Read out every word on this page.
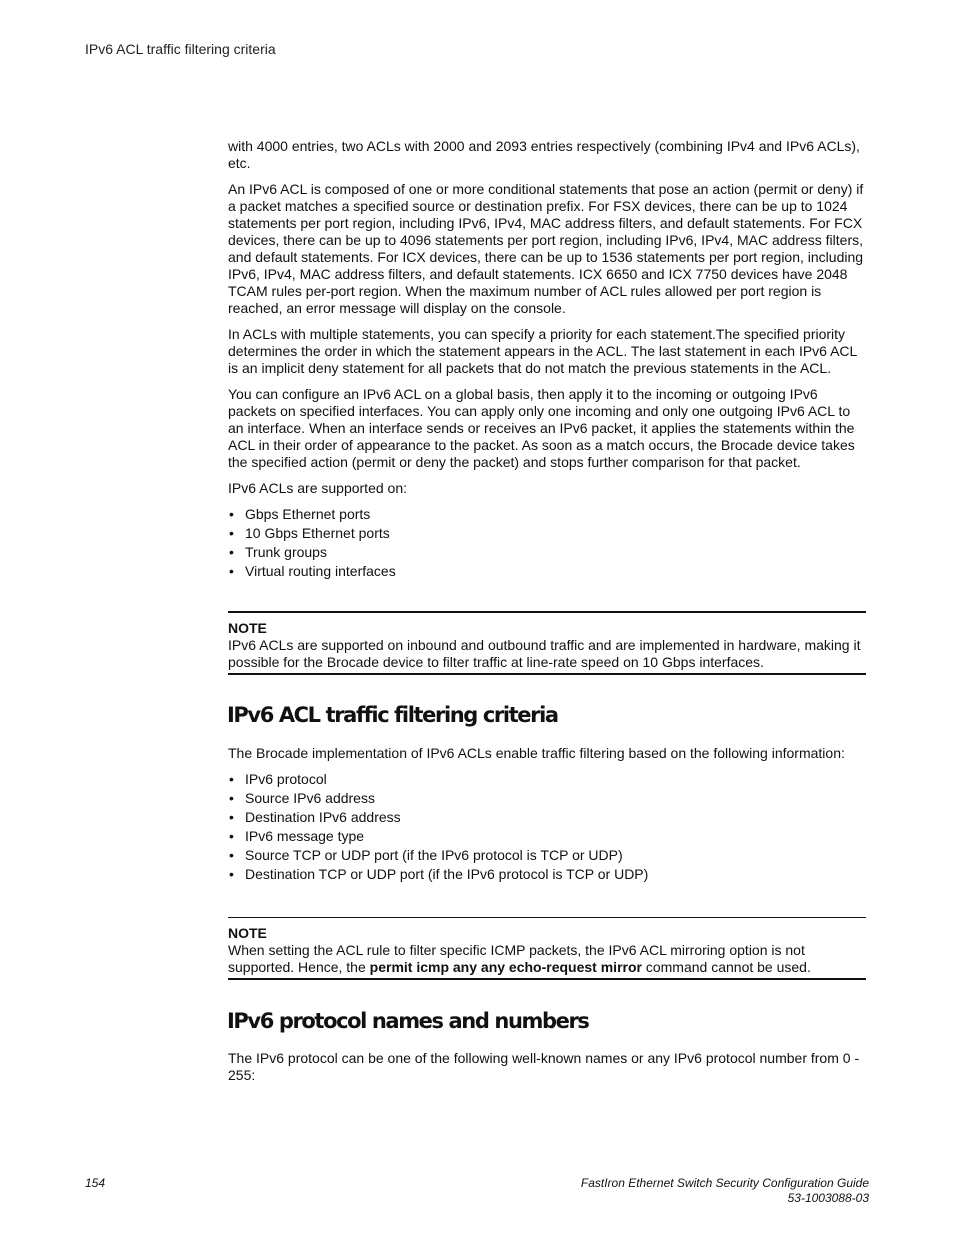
IPv6 ACL traffic filtering criteria

with 4000 entries, two ACLs with 2000 and 2093 entries respectively (combining IPv4 and IPv6 ACLs), etc.

An IPv6 ACL is composed of one or more conditional statements that pose an action (permit or deny) if a packet matches a specified source or destination prefix. For FSX devices, there can be up to 1024 statements per port region, including IPv6, IPv4, MAC address filters, and default statements. For FCX devices, there can be up to 4096 statements per port region, including IPv6, IPv4, MAC address filters, and default statements. For ICX devices, there can be up to 1536 statements per port region, including IPv6, IPv4, MAC address filters, and default statements. ICX 6650 and ICX 7750 devices have 2048 TCAM rules per-port region. When the maximum number of ACL rules allowed per port region is reached, an error message will display on the console.

In ACLs with multiple statements, you can specify a priority for each statement.The specified priority determines the order in which the statement appears in the ACL. The last statement in each IPv6 ACL is an implicit deny statement for all packets that do not match the previous statements in the ACL.

You can configure an IPv6 ACL on a global basis, then apply it to the incoming or outgoing IPv6 packets on specified interfaces. You can apply only one incoming and only one outgoing IPv6 ACL to an interface. When an interface sends or receives an IPv6 packet, it applies the statements within the ACL in their order of appearance to the packet. As soon as a match occurs, the Brocade device takes the specified action (permit or deny the packet) and stops further comparison for that packet.

IPv6 ACLs are supported on:

• Gbps Ethernet ports
• 10 Gbps Ethernet ports
• Trunk groups
• Virtual routing interfaces
NOTE
IPv6 ACLs are supported on inbound and outbound traffic and are implemented in hardware, making it possible for the Brocade device to filter traffic at line-rate speed on 10 Gbps interfaces.
IPv6 ACL traffic filtering criteria

The Brocade implementation of IPv6 ACLs enable traffic filtering based on the following information:

• IPv6 protocol
• Source IPv6 address
• Destination IPv6 address
• IPv6 message type
• Source TCP or UDP port (if the IPv6 protocol is TCP or UDP)
• Destination TCP or UDP port (if the IPv6 protocol is TCP or UDP)
NOTE
When setting the ACL rule to filter specific ICMP packets, the IPv6 ACL mirroring option is not supported. Hence, the permit icmp any any echo-request mirror command cannot be used.
IPv6 protocol names and numbers

The IPv6 protocol can be one of the following well-known names or any IPv6 protocol number from 0 - 255:

154	FastIron Ethernet Switch Security Configuration Guide
53-1003088-03
